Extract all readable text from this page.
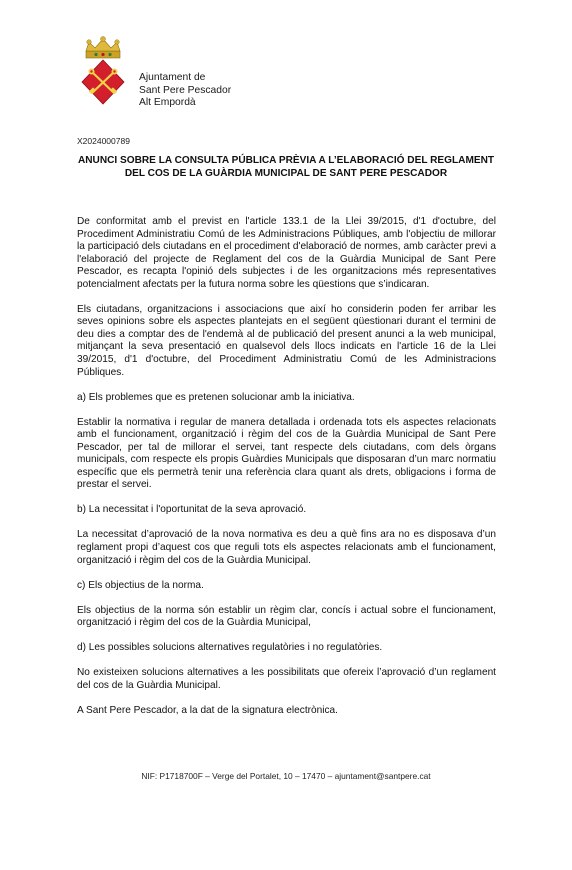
Ajuntament de
Sant Pere Pescador
Alt Empordà
X2024000789
ANUNCI SOBRE LA CONSULTA PÚBLICA PRÈVIA A L’ELABORACIÓ DEL REGLAMENT DEL COS DE LA GUÀRDIA MUNICIPAL DE SANT PERE PESCADOR

De conformitat amb el previst en l'article 133.1 de la Llei 39/2015, d'1 d'octubre, del Procediment Administratiu Comú de les Administracions Públiques, amb l'objectiu de millorar la participació dels ciutadans en el procediment d'elaboració de normes, amb caràcter previ a l'elaboració del projecte de Reglament del cos de la Guàrdia Municipal de Sant Pere Pescador, es recapta l'opinió dels subjectes i de les organitzacions més representatives potencialment afectats per la futura norma sobre les qüestions que s’indicaran.

Els ciutadans, organitzacions i associacions que així ho considerin poden fer arribar les seves opinions sobre els aspectes plantejats en el següent qüestionari durant el termini de deu dies a comptar des de l'endemà al de publicació del present anunci a la web municipal, mitjançant la seva presentació en qualsevol dels llocs indicats en l'article 16 de la Llei 39/2015, d'1 d'octubre, del Procediment Administratiu Comú de les Administracions Públiques.

a) Els problemes que es pretenen solucionar amb la iniciativa.

Establir la normativa i regular de manera detallada i ordenada tots els aspectes relacionats amb el funcionament, organització i règim del cos de la Guàrdia Municipal de Sant Pere Pescador, per tal de millorar el servei, tant respecte dels ciutadans, com dels òrgans municipals, com respecte els propis Guàrdies Municipals que disposaran d’un marc normatiu específic que els permetrà tenir una referència clara quant als drets, obligacions i forma de prestar el servei.

b) La necessitat i l'oportunitat de la seva aprovació.

La necessitat d’aprovació de la nova normativa es deu a què fins ara no es disposava d’un reglament propi d’aquest cos que reguli tots els aspectes relacionats amb el funcionament, organització i règim del cos de la Guàrdia Municipal.

c) Els objectius de la norma.

Els objectius de la norma són establir un règim clar, concís i actual sobre el funcionament, organització i règim del cos de la Guàrdia Municipal,

d) Les possibles solucions alternatives regulatòries i no regulatòries.

No existeixen solucions alternatives a les possibilitats que ofereix l’aprovació d’un reglament del cos de la Guàrdia Municipal.

A Sant Pere Pescador, a la dat de la signatura electrònica.

NIF: P1718700F – Verge del Portalet, 10 – 17470 – ajuntament@santpere.cat
